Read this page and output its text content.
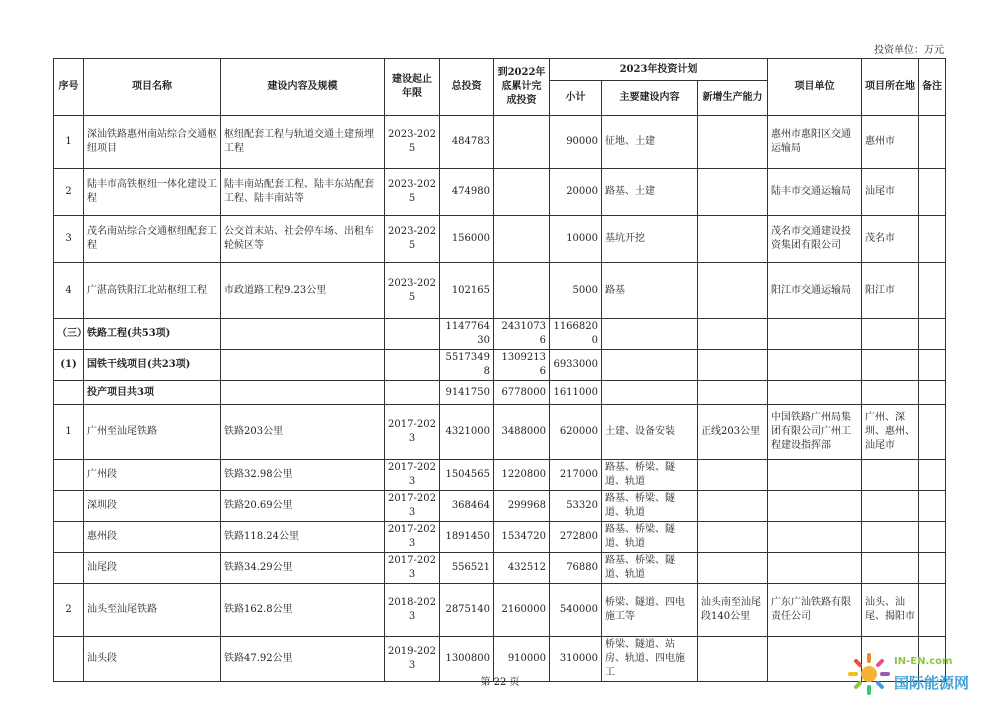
投资单位：万元
序号	项目名称	建设内容及规模	建设起止年限	总投资	到2022年底累计完成投资	2023年投资计划			项目单位	项目所在地	备注
						小计	主要建设内容	新增生产能力			
1	深汕铁路惠州南站综合交通枢纽项目	枢纽配套工程与轨道交通土建预埋工程	2023-2025	484783		90000	征地、土建		惠州市惠阳区交通运输局	惠州市	
2	陆丰市高铁枢纽一体化建设工程	陆丰南站配套工程、陆丰东站配套工程、陆丰南站等	2023-2025	474980		20000	路基、土建		陆丰市交通运输局	汕尾市	
3	茂名南站综合交通枢纽配套工程	公交首末站、社会停车场、出租车轮候区等	2023-2025	156000		10000	基坑开挖		茂名市交通建设投资集团有限公司	茂名市	
4	广湛高铁阳江北站枢纽工程	市政道路工程9.23公里	2023-2025	102165		5000	路基		阳江市交通运输局	阳江市	
（三）	铁路工程(共53项)			114776430	24310736	11668200					
(1)	国铁干线项目(共23项)			55173498	13092136	6933000					
	投产项目共3项			9141750	6778000	1611000					
1	广州至汕尾铁路	铁路203公里	2017-2023	4321000	3488000	620000	土建、设备安装	正线203公里	中国铁路广州局集团有限公司广州工程建设指挥部	广州、深圳、惠州、汕尾市	
	广州段	铁路32.98公里	2017-2023	1504565	1220800	217000	路基、桥梁、隧道、轨道				
	深圳段	铁路20.69公里	2017-2023	368464	299968	53320	路基、桥梁、隧道、轨道				
	惠州段	铁路118.24公里	2017-2023	1891450	1534720	272800	路基、桥梁、隧道、轨道				
	汕尾段	铁路34.29公里	2017-2023	556521	432512	76880	路基、桥梁、隧道、轨道				
2	汕头至汕尾铁路	铁路162.8公里	2018-2023	2875140	2160000	540000	桥梁、隧道、四电施工等	汕头南至汕尾段140公里	广东广汕铁路有限责任公司	汕头、汕尾、揭阳市	
	汕头段	铁路47.92公里	2019-2023	1300800	910000	310000	桥梁、隧道、站房、轨道、四电施工				
第 22 页
IN-EN.com
国际能源网
